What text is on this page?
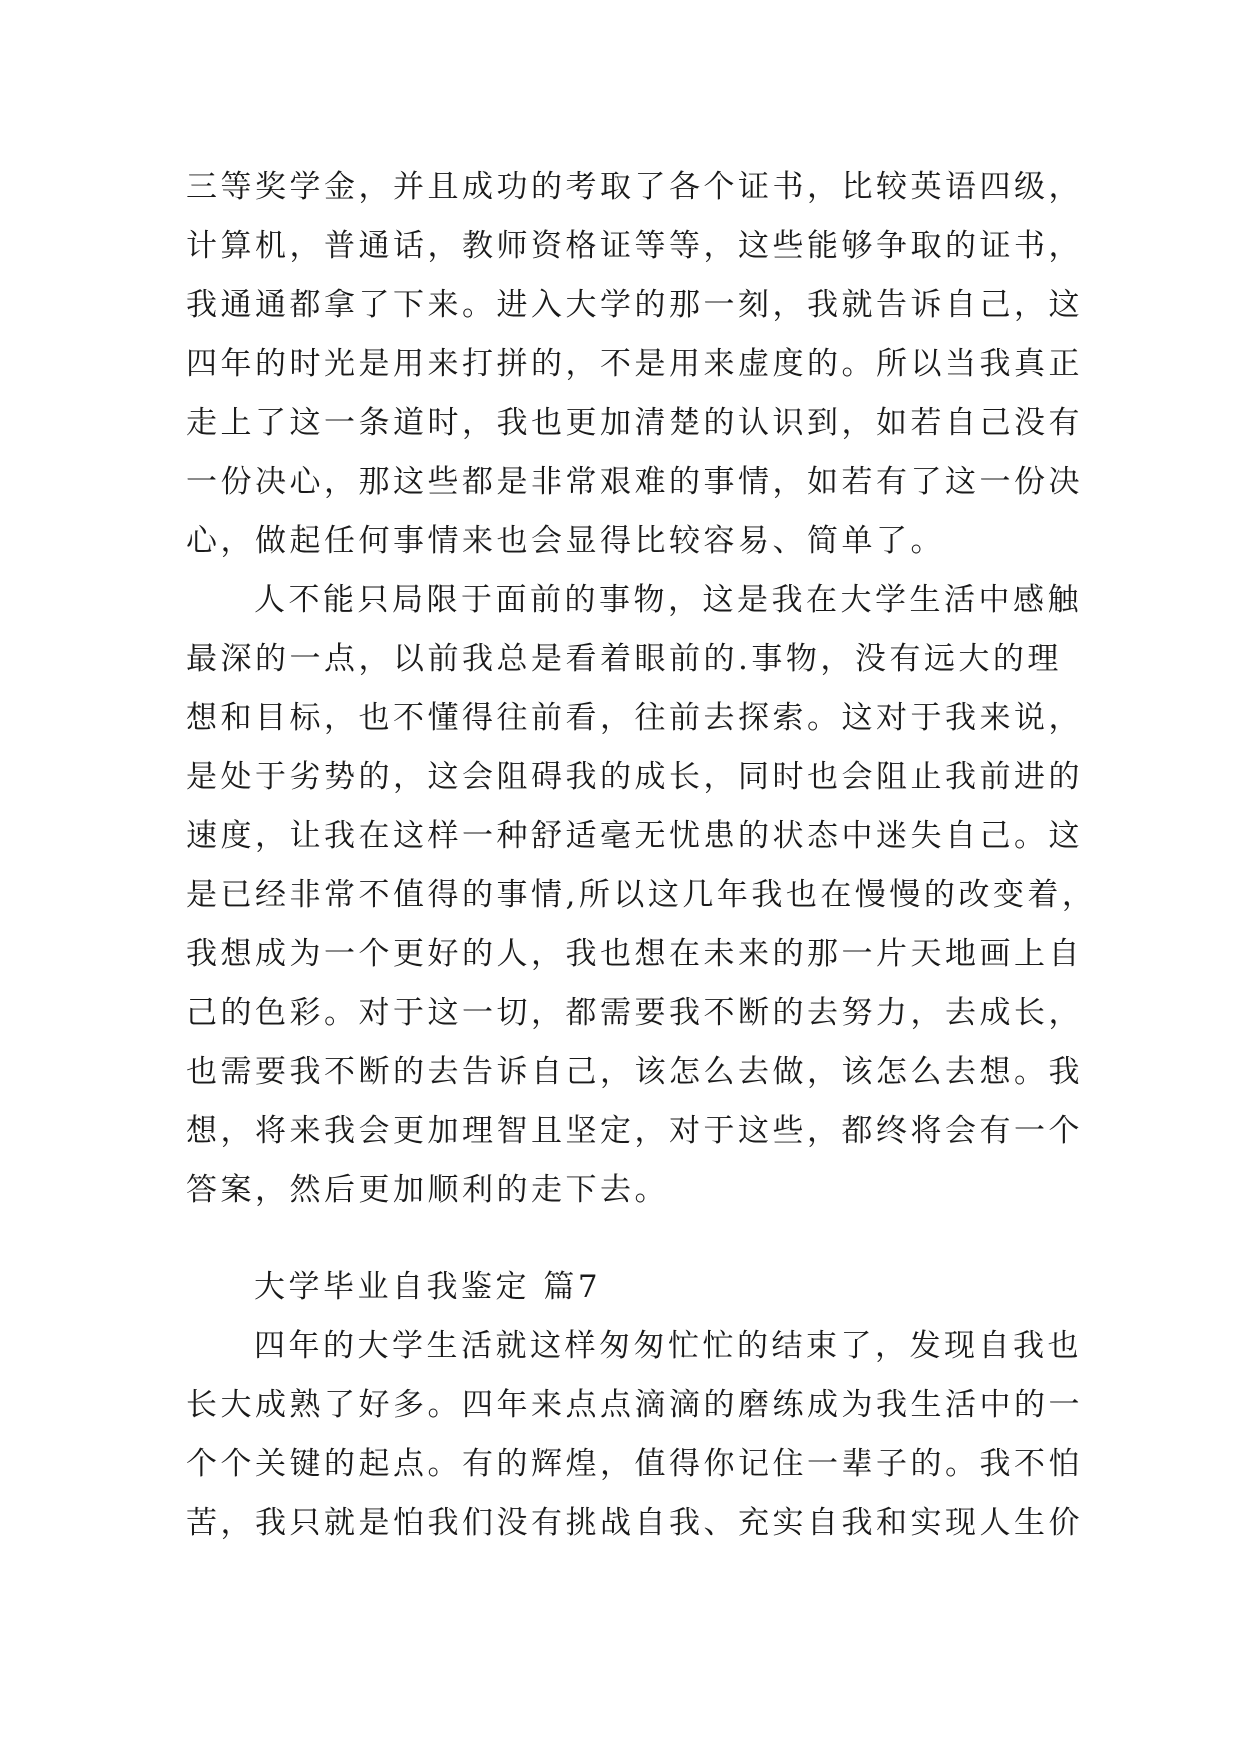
三等奖学金，并且成功的考取了各个证书，比较英语四级，
计算机，普通话，教师资格证等等，这些能够争取的证书，
我通通都拿了下来。进入大学的那一刻，我就告诉自己，这
四年的时光是用来打拼的，不是用来虚度的。所以当我真正
走上了这一条道时，我也更加清楚的认识到，如若自己没有
一份决心，那这些都是非常艰难的事情，如若有了这一份决
心，做起任何事情来也会显得比较容易、简单了。
人不能只局限于面前的事物，这是我在大学生活中感触
最深的一点，以前我总是看着眼前的.事物，没有远大的理
想和目标，也不懂得往前看，往前去探索。这对于我来说，
是处于劣势的，这会阻碍我的成长，同时也会阻止我前进的
速度，让我在这样一种舒适毫无忧患的状态中迷失自己。这
是已经非常不值得的事情,所以这几年我也在慢慢的改变着，
我想成为一个更好的人，我也想在未来的那一片天地画上自
己的色彩。对于这一切，都需要我不断的去努力，去成长，
也需要我不断的去告诉自己，该怎么去做，该怎么去想。我
想，将来我会更加理智且坚定，对于这些，都终将会有一个
答案，然后更加顺利的走下去。
大学毕业自我鉴定 篇7
四年的大学生活就这样匆匆忙忙的结束了，发现自我也
长大成熟了好多。四年来点点滴滴的磨练成为我生活中的一
个个关键的起点。有的辉煌，值得你记住一辈子的。我不怕
苦，我只就是怕我们没有挑战自我、充实自我和实现人生价
